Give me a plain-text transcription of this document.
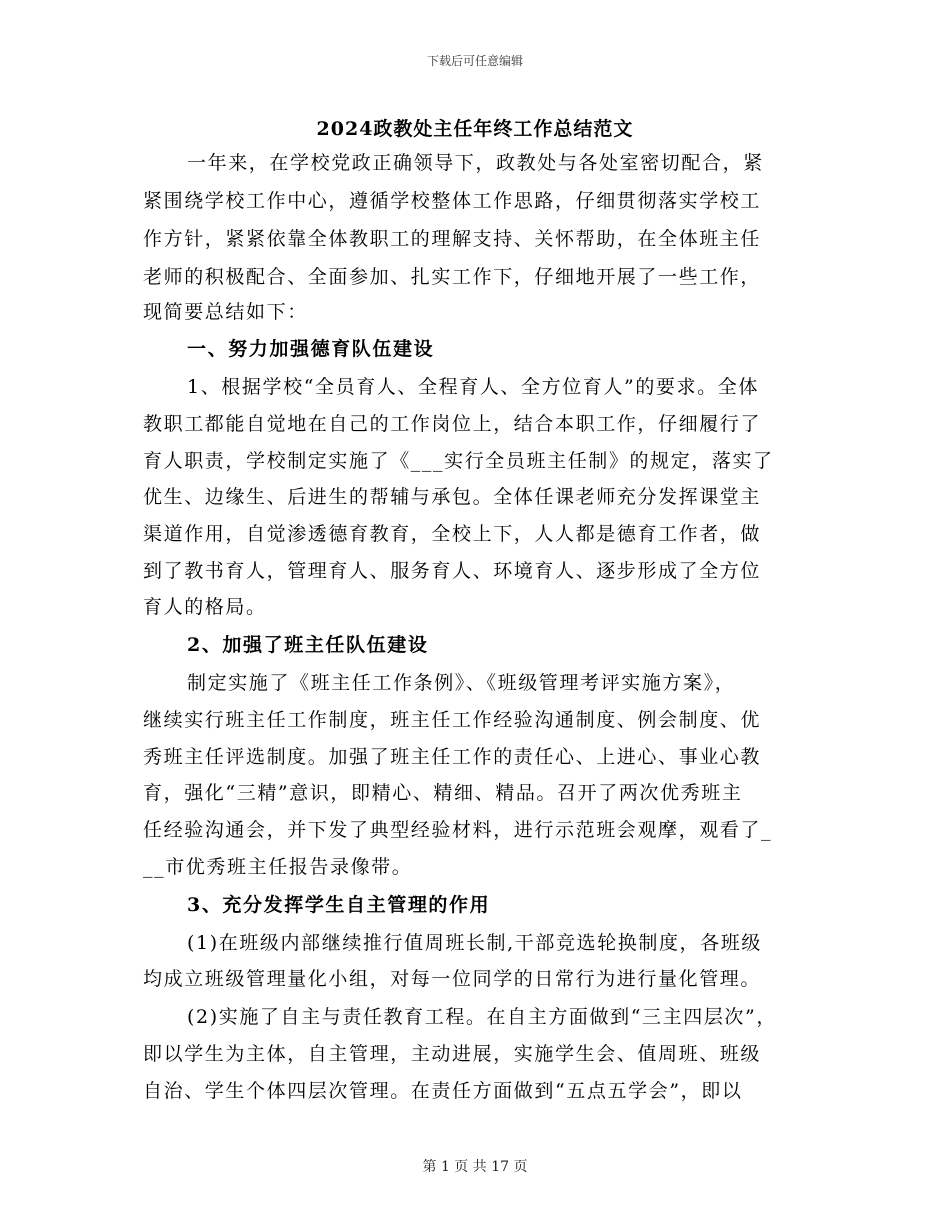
下载后可任意编辑
2024政教处主任年终工作总结范文
一年来，在学校党政正确领导下，政教处与各处室密切配合，紧
紧围绕学校工作中心，遵循学校整体工作思路，仔细贯彻落实学校工
作方针，紧紧依靠全体教职工的理解支持、关怀帮助，在全体班主任
老师的积极配合、全面参加、扎实工作下，仔细地开展了一些工作，
现简要总结如下：
一、努力加强德育队伍建设
1、根据学校“全员育人、全程育人、全方位育人”的要求。全体
教职工都能自觉地在自己的工作岗位上，结合本职工作，仔细履行了
育人职责，学校制定实施了《___实行全员班主任制》的规定，落实了
优生、边缘生、后进生的帮辅与承包。全体任课老师充分发挥课堂主
渠道作用，自觉渗透德育教育，全校上下，人人都是德育工作者，做
到了教书育人，管理育人、服务育人、环境育人、逐步形成了全方位
育人的格局。
2、加强了班主任队伍建设
制定实施了《班主任工作条例》、《班级管理考评实施方案》，
继续实行班主任工作制度，班主任工作经验沟通制度、例会制度、优
秀班主任评选制度。加强了班主任工作的责任心、上进心、事业心教
育，强化“三精”意识，即精心、精细、精品。召开了两次优秀班主
任经验沟通会，并下发了典型经验材料，进行示范班会观摩，观看了_
__市优秀班主任报告录像带。
3、充分发挥学生自主管理的作用
(1)在班级内部继续推行值周班长制,干部竞选轮换制度，各班级
均成立班级管理量化小组，对每一位同学的日常行为进行量化管理。
(2)实施了自主与责任教育工程。在自主方面做到“三主四层次”，
即以学生为主体，自主管理，主动进展，实施学生会、值周班、班级
自治、学生个体四层次管理。在责任方面做到“五点五学会”，即以
第 1 页 共 17 页
